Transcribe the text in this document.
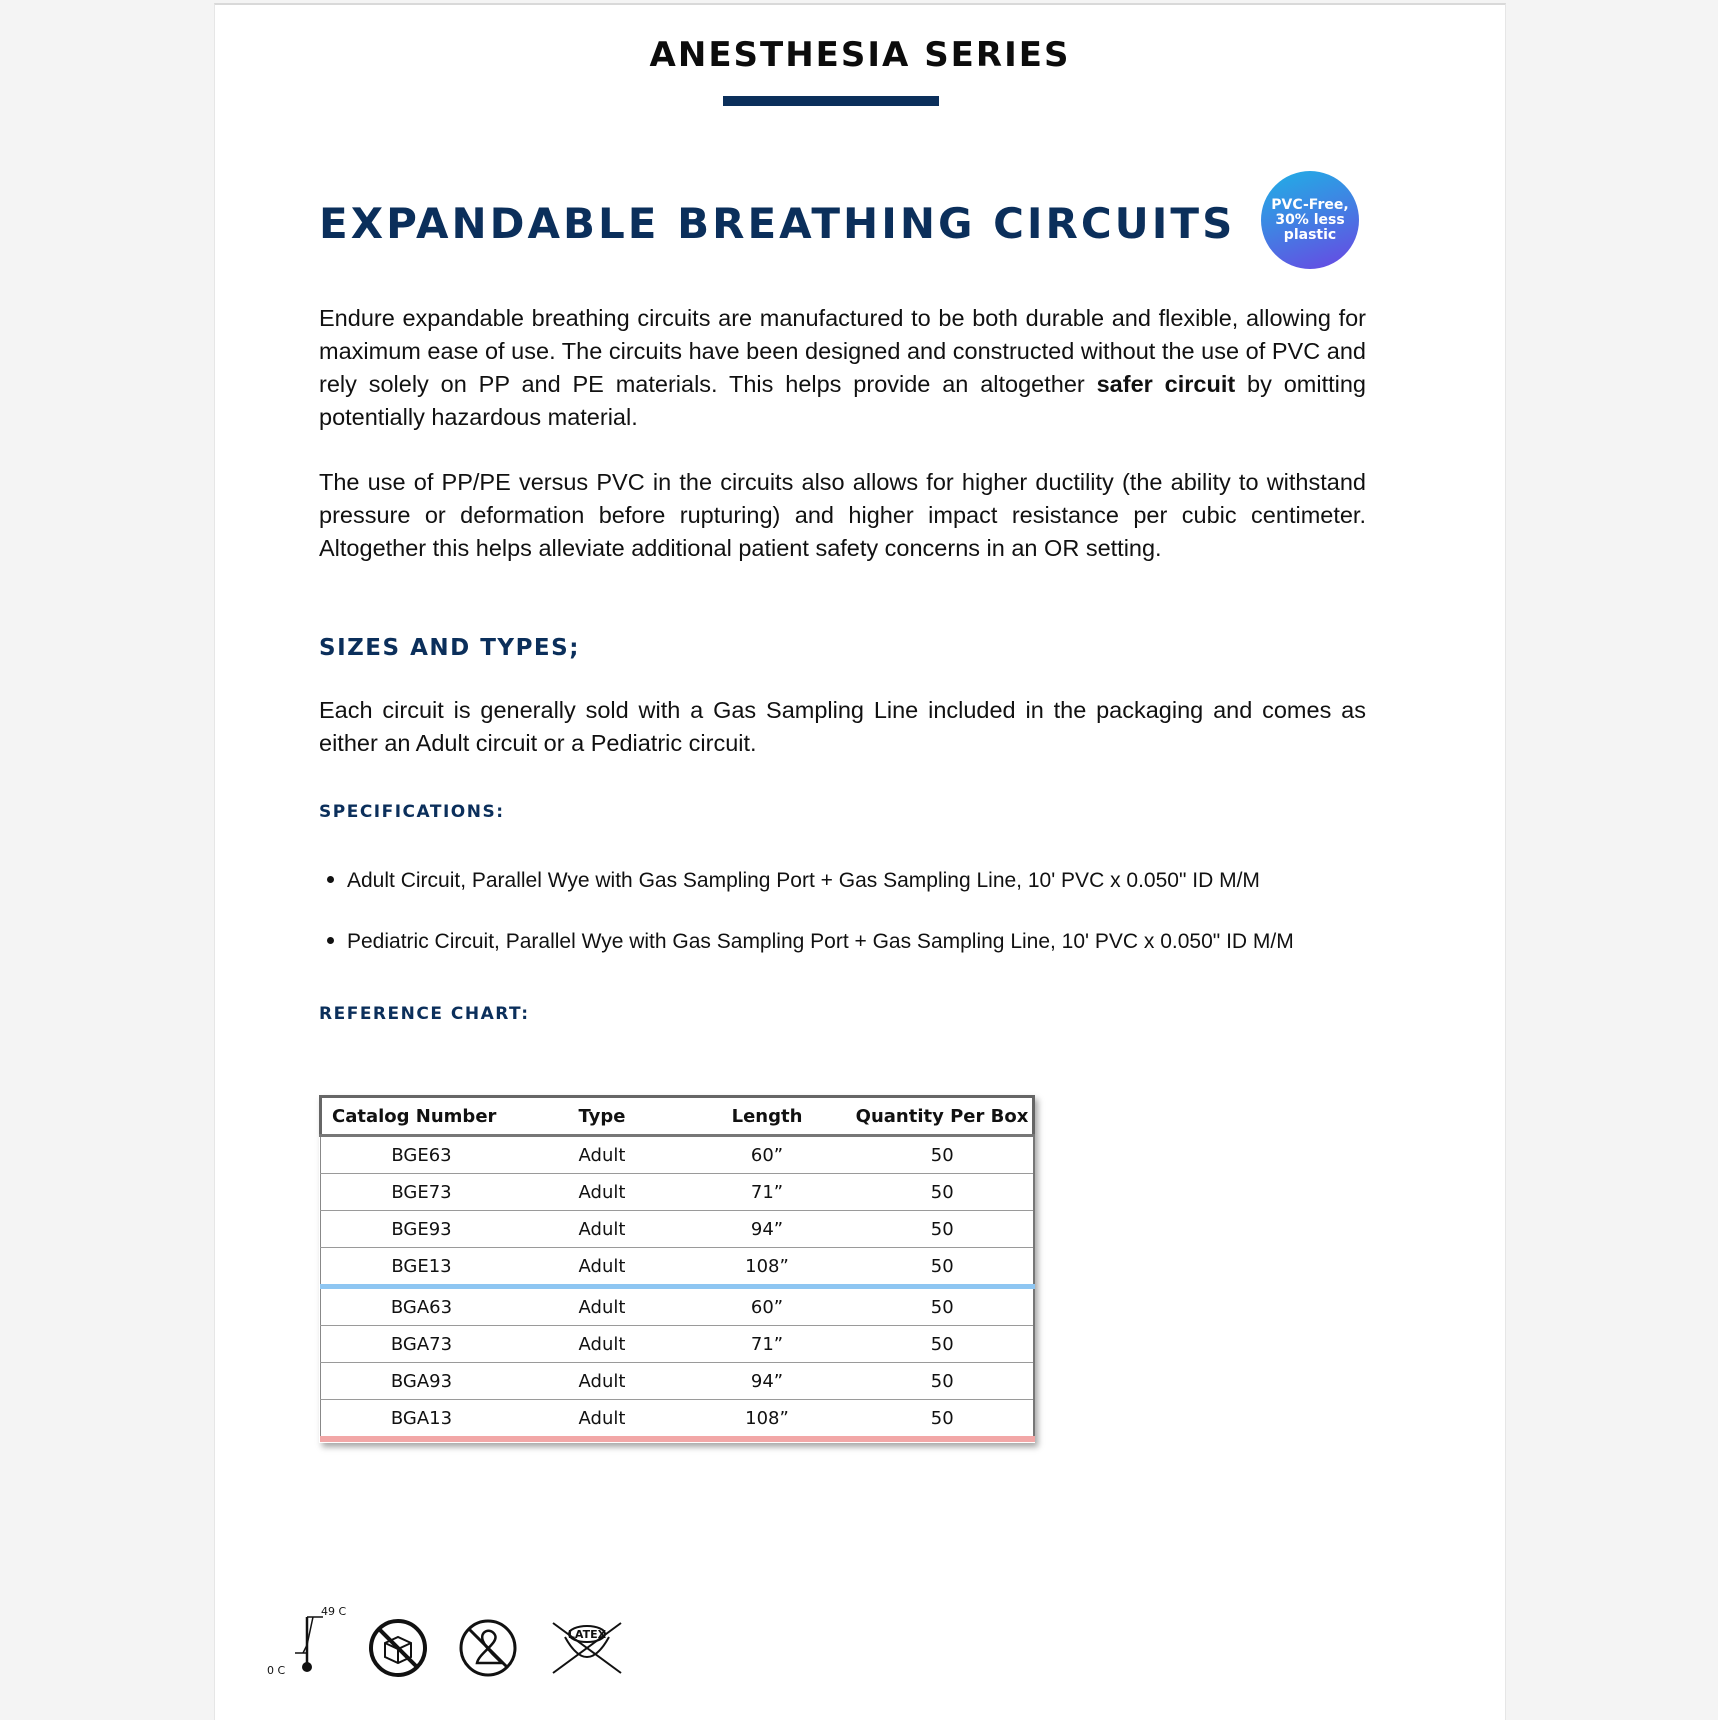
ANESTHESIA SERIES
EXPANDABLE BREATHING CIRCUITS	PVC-Free,
30% less
plastic
Endure expandable breathing circuits are manufactured to be both durable and flexible, allowing for maximum ease of use. The circuits have been designed and constructed without the use of PVC and rely solely on PP and PE materials. This helps provide an altogether safer circuit by omitting potentially hazardous material.
The use of PP/PE versus PVC in the circuits also allows for higher ductility (the ability to withstand pressure or deformation before rupturing) and higher impact resistance per cubic centimeter. Altogether this helps alleviate additional patient safety concerns in an OR setting.
SIZES AND TYPES;
Each circuit is generally sold with a Gas Sampling Line included in the packaging and comes as either an Adult circuit or a Pediatric circuit.
SPECIFICATIONS:
Adult Circuit, Parallel Wye with Gas Sampling Port + Gas Sampling Line, 10' PVC x 0.050" ID M/M
Pediatric Circuit, Parallel Wye with Gas Sampling Port + Gas Sampling Line, 10' PVC x 0.050" ID M/M
REFERENCE CHART:
Catalog Number	Type	Length	Quantity Per Box
BGE63	Adult	60”	50
BGE73	Adult	71”	50
BGE93	Adult	94”	50
BGE13	Adult	108”	50
BGA63	Adult	60”	50
BGA73	Adult	71”	50
BGA93	Adult	94”	50
BGA13	Adult	108”	50
49 C
0 C
LATEX
